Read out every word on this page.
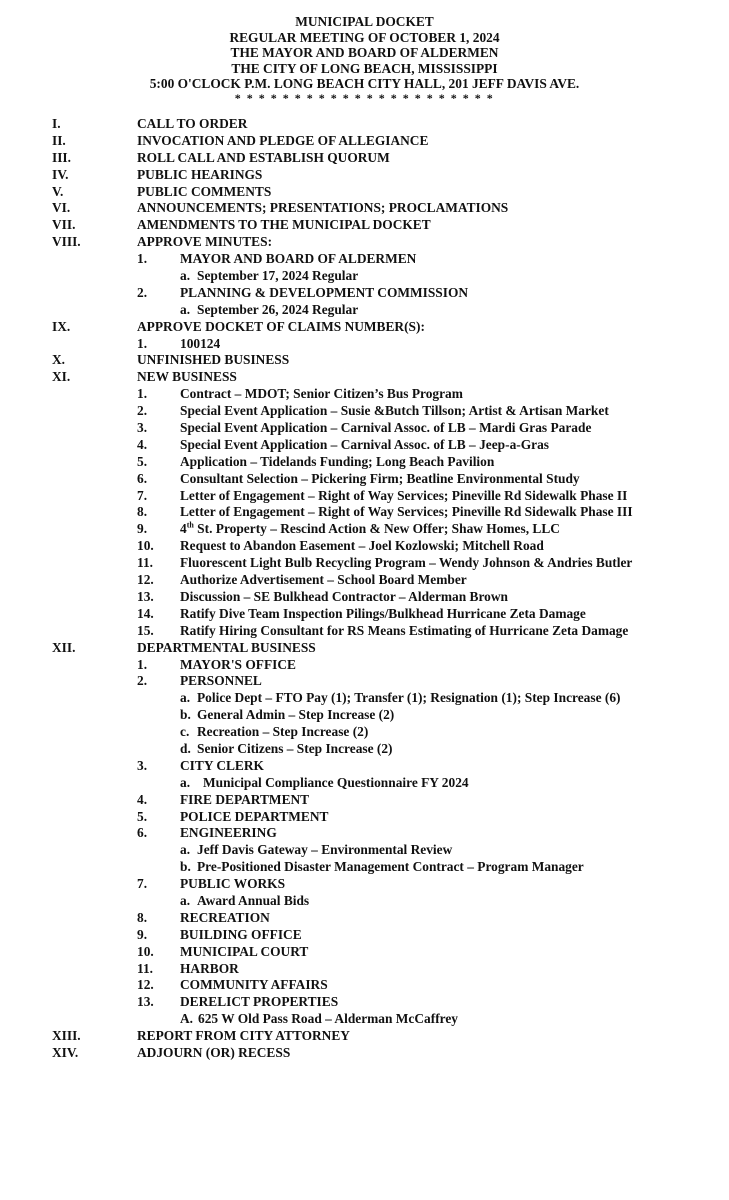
MUNICIPAL DOCKET
REGULAR MEETING OF OCTOBER 1, 2024
THE MAYOR AND BOARD OF ALDERMEN
THE CITY OF LONG BEACH, MISSISSIPPI
5:00 O'CLOCK P.M. LONG BEACH CITY HALL, 201 JEFF DAVIS AVE.
* * * * * * * * * * * * * * * * * * * * * *
I.	CALL TO ORDER
II.	INVOCATION AND PLEDGE OF ALLEGIANCE
III.	ROLL CALL AND ESTABLISH QUORUM
IV.	PUBLIC HEARINGS
V.	PUBLIC COMMENTS
VI.	ANNOUNCEMENTS; PRESENTATIONS; PROCLAMATIONS
VII.	AMENDMENTS TO THE MUNICIPAL DOCKET
VIII.	APPROVE MINUTES:
1. MAYOR AND BOARD OF ALDERMEN
a. September 17, 2024 Regular
2. PLANNING & DEVELOPMENT COMMISSION
a. September 26, 2024 Regular
IX.	APPROVE DOCKET OF CLAIMS NUMBER(S):
1. 100124
X.	UNFINISHED BUSINESS
XI.	NEW BUSINESS
1. Contract – MDOT; Senior Citizen’s Bus Program
2. Special Event Application – Susie &Butch Tillson; Artist & Artisan Market
3. Special Event Application – Carnival Assoc. of LB – Mardi Gras Parade
4. Special Event Application – Carnival Assoc. of LB – Jeep-a-Gras
5. Application – Tidelands Funding; Long Beach Pavilion
6. Consultant Selection – Pickering Firm; Beatline Environmental Study
7. Letter of Engagement – Right of Way Services; Pineville Rd Sidewalk Phase II
8. Letter of Engagement – Right of Way Services; Pineville Rd Sidewalk Phase III
9. 4th St. Property – Rescind Action & New Offer; Shaw Homes, LLC
10. Request to Abandon Easement – Joel Kozlowski; Mitchell Road
11. Fluorescent Light Bulb Recycling Program – Wendy Johnson & Andries Butler
12. Authorize Advertisement – School Board Member
13. Discussion – SE Bulkhead Contractor – Alderman Brown
14. Ratify Dive Team Inspection Pilings/Bulkhead Hurricane Zeta Damage
15. Ratify Hiring Consultant for RS Means Estimating of Hurricane Zeta Damage
XII.	DEPARTMENTAL BUSINESS
1. MAYOR'S OFFICE
2. PERSONNEL
a. Police Dept – FTO Pay (1); Transfer (1); Resignation (1); Step Increase (6)
b. General Admin – Step Increase (2)
c. Recreation – Step Increase (2)
d. Senior Citizens – Step Increase (2)
3. CITY CLERK
a. Municipal Compliance Questionnaire FY 2024
4. FIRE DEPARTMENT
5. POLICE DEPARTMENT
6. ENGINEERING
a. Jeff Davis Gateway – Environmental Review
b. Pre-Positioned Disaster Management Contract – Program Manager
7. PUBLIC WORKS
a. Award Annual Bids
8. RECREATION
9. BUILDING OFFICE
10. MUNICIPAL COURT
11. HARBOR
12. COMMUNITY AFFAIRS
13. DERELICT PROPERTIES
A. 625 W Old Pass Road – Alderman McCaffrey
XIII.	REPORT FROM CITY ATTORNEY
XIV.	ADJOURN (OR) RECESS
